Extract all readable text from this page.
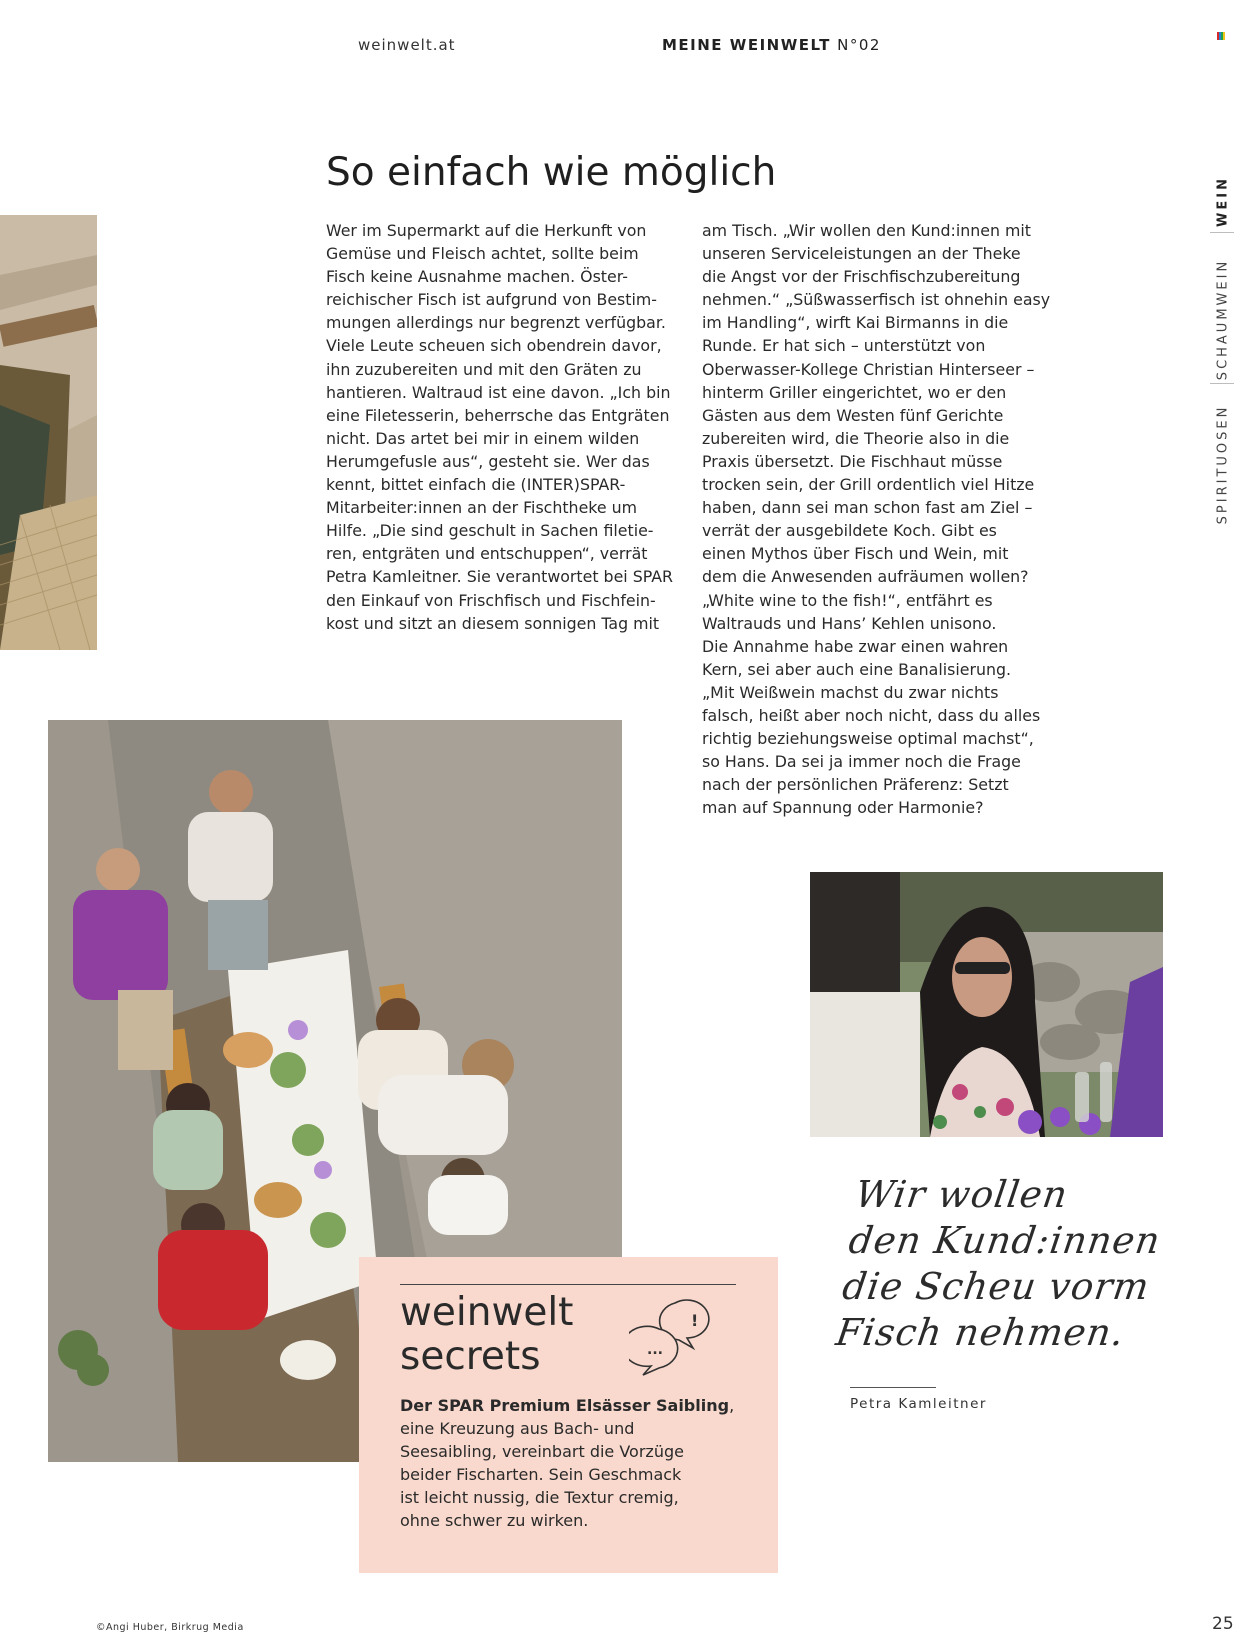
weinwelt.at	MEINE WEINWELT N°02
So einfach wie möglich
Wer im Supermarkt auf die Herkunft von
Gemüse und Fleisch achtet, sollte beim
Fisch keine Ausnahme machen. Öster-
reichischer Fisch ist aufgrund von Bestim-
mungen allerdings nur begrenzt verfügbar.
Viele Leute scheuen sich obendrein davor,
ihn zuzubereiten und mit den Gräten zu
hantieren. Waltraud ist eine davon. „Ich bin
eine Filetesserin, beherrsche das Entgräten
nicht. Das artet bei mir in einem wilden
Herumgefusle aus“, gesteht sie. Wer das
kennt, bittet einfach die (INTER)SPAR-
Mitarbeiter:innen an der Fischtheke um
Hilfe. „Die sind geschult in Sachen filetie-
ren, entgräten und entschuppen“, verrät
Petra Kamleitner. Sie verantwortet bei SPAR
den Einkauf von Frischfisch und Fischfein-
kost und sitzt an diesem sonnigen Tag mit
am Tisch. „Wir wollen den Kund:innen mit
unseren Serviceleistungen an der Theke
die Angst vor der Frischfischzubereitung
nehmen.“ „Süßwasserfisch ist ohnehin easy
im Handling“, wirft Kai Birmanns in die
Runde. Er hat sich – unterstützt von
Oberwasser-Kollege Christian Hinterseer –
hinterm Griller eingerichtet, wo er den
Gästen aus dem Westen fünf Gerichte
zubereiten wird, die Theorie also in die
Praxis übersetzt. Die Fischhaut müsse
trocken sein, der Grill ordentlich viel Hitze
haben, dann sei man schon fast am Ziel –
verrät der ausgebildete Koch. Gibt es
einen Mythos über Fisch und Wein, mit
dem die Anwesenden aufräumen wollen?
„White wine to the fish!“, entfährt es
Waltrauds und Hans’ Kehlen unisono.
Die Annahme habe zwar einen wahren
Kern, sei aber auch eine Banalisierung.
„Mit Weißwein machst du zwar nichts
falsch, heißt aber noch nicht, dass du alles
richtig beziehungsweise optimal machst“,
so Hans. Da sei ja immer noch die Frage
nach der persönlichen Präferenz: Setzt
man auf Spannung oder Harmonie?
WEIN
SCHAUMWEIN
SPIRITUOSEN
weinwelt
secrets
!
...
Der SPAR Premium Elsässer Saibling,
eine Kreuzung aus Bach- und
Seesaibling, vereinbart die Vorzüge
beider Fischarten. Sein Geschmack
ist leicht nussig, die Textur cremig,
ohne schwer zu wirken.
Wir wollen
den Kund:innen
die Scheu vorm
Fisch nehmen.
Petra Kamleitner
©Angi Huber, Birkrug Media	25
